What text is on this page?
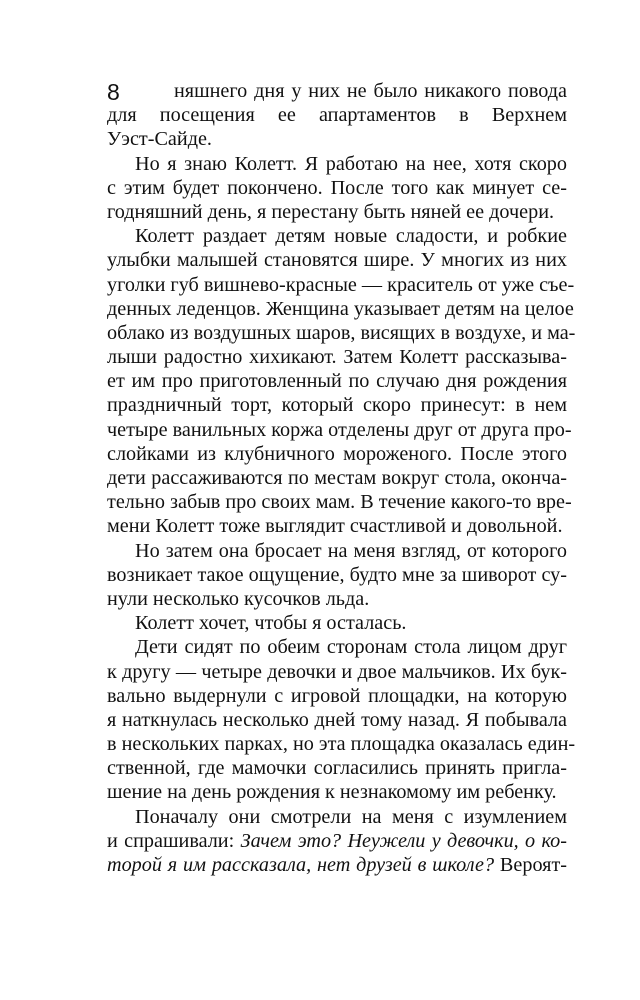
8	няшнего дня у них не было никакого повода
для посещения ее апартаментов в Верхнем
Уэст-Сайде.
Но я знаю Колетт. Я работаю на нее, хотя скоро
с этим будет покончено. После того как минует се-
годняшний день, я перестану быть няней ее дочери.
Колетт раздает детям новые сладости, и робкие
улыбки малышей становятся шире. У многих из них
уголки губ вишнево-красные — краситель от уже съе-
денных леденцов. Женщина указывает детям на целое
облако из воздушных шаров, висящих в воздухе, и ма-
лыши радостно хихикают. Затем Колетт рассказыва-
ет им про приготовленный по случаю дня рождения
праздничный торт, который скоро принесут: в нем
четыре ванильных коржа отделены друг от друга про-
слойками из клубничного мороженого. После этого
дети рассаживаются по местам вокруг стола, оконча-
тельно забыв про своих мам. В течение какого-то вре-
мени Колетт тоже выглядит счастливой и довольной.
Но затем она бросает на меня взгляд, от которого
возникает такое ощущение, будто мне за шиворот су-
нули несколько кусочков льда.
Колетт хочет, чтобы я осталась.
Дети сидят по обеим сторонам стола лицом друг
к другу — четыре девочки и двое мальчиков. Их бук-
вально выдернули с игровой площадки, на которую
я наткнулась несколько дней тому назад. Я побывала
в нескольких парках, но эта площадка оказалась един-
ственной, где мамочки согласились принять пригла-
шение на день рождения к незнакомому им ребенку.
Поначалу они смотрели на меня с изумлением
и спрашивали: Зачем это? Неужели у девочки, о ко-
торой я им рассказала, нет друзей в школе? Вероят-
